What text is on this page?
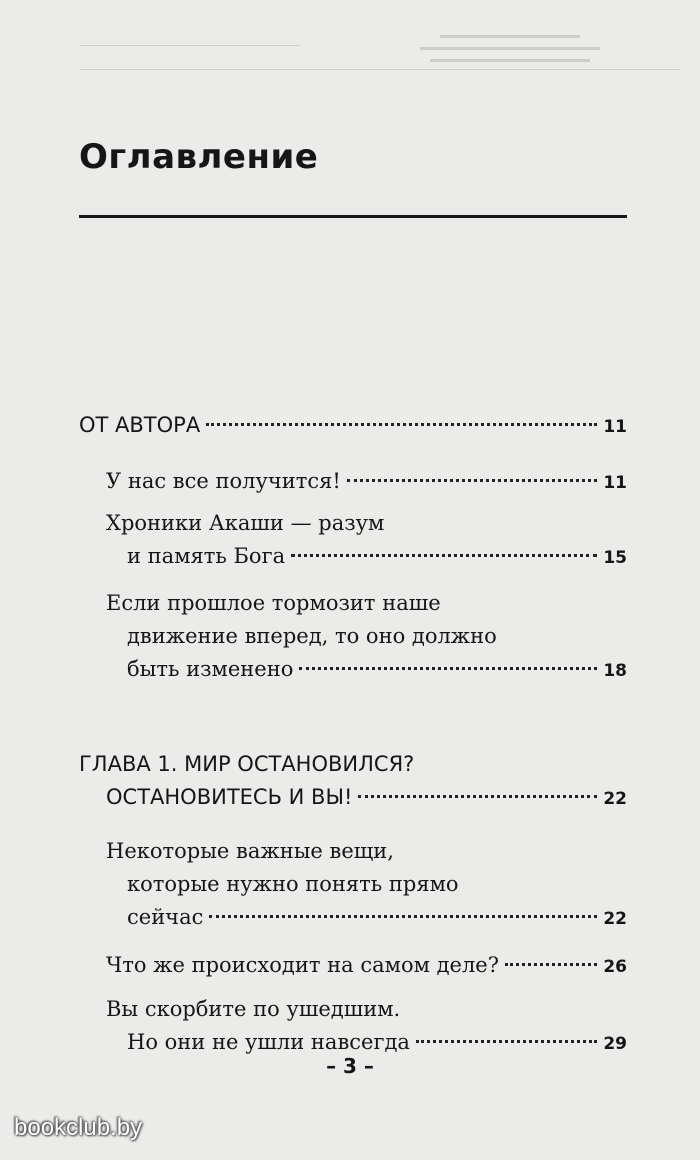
Оглавление
ОТ АВТОРА	11
У нас все получится!	11
Хроники Акаши — разум
и память Бога	15
Если прошлое тормозит наше
движение вперед, то оно должно
быть изменено	18
ГЛАВА 1. МИР ОСТАНОВИЛСЯ?
ОСТАНОВИТЕСЬ И ВЫ!	22
Некоторые важные вещи,
которые нужно понять прямо
сейчас	22
Что же происходит на самом деле?	26
Вы скорбите по ушедшим.
Но они не ушли навсегда	29
– 3 –
bookclub.by
